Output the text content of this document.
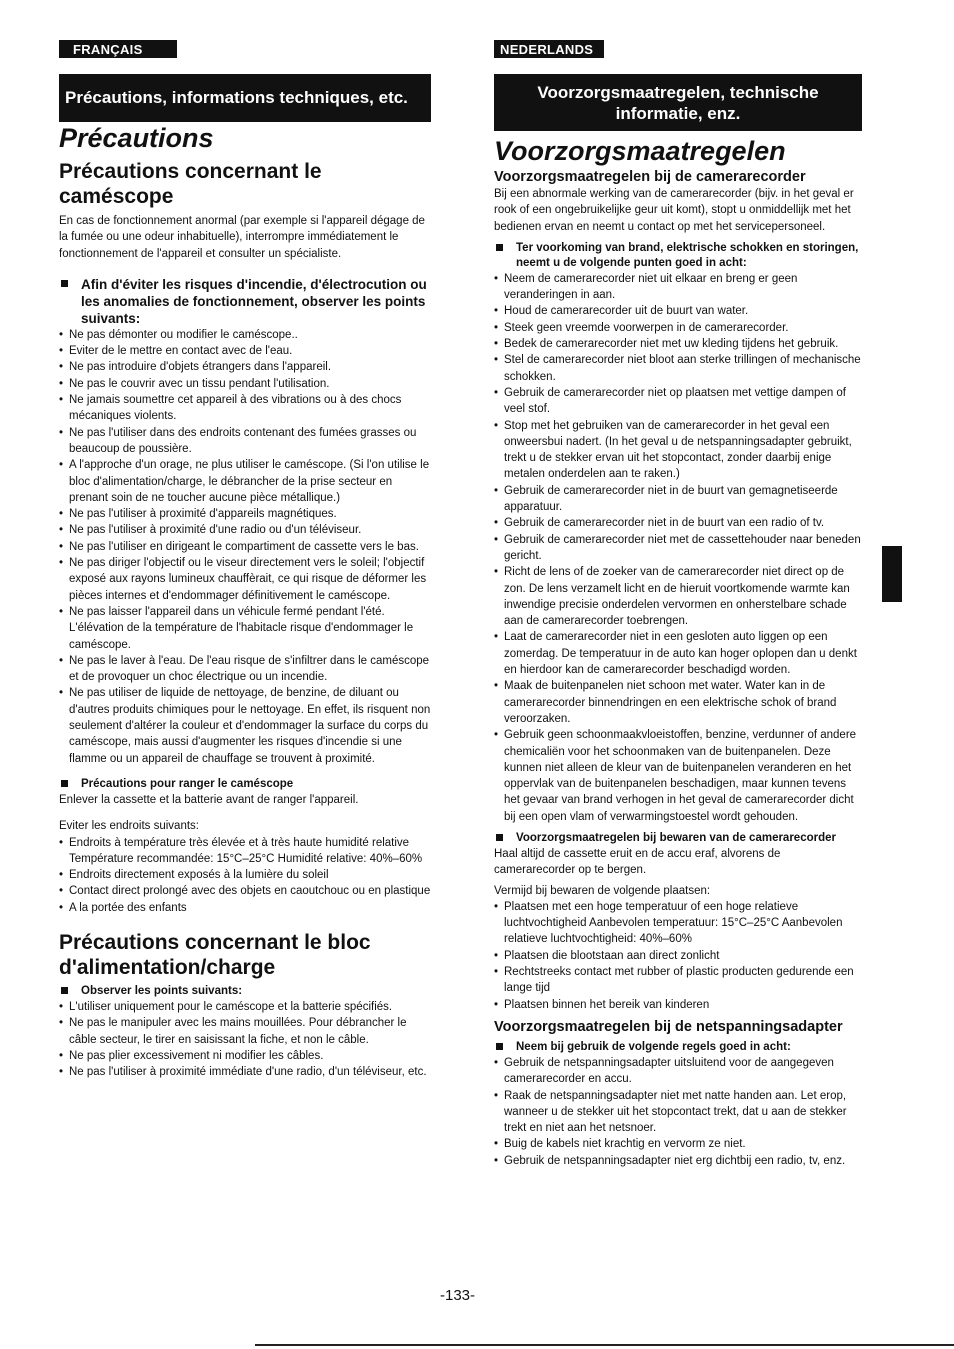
FRANÇAIS
Précautions, informations techniques, etc.
Précautions
Précautions concernant le caméscope
En cas de fonctionnement anormal (par exemple si l'appareil dégage de la fumée ou une odeur inhabituelle), interrompre immédiatement le fonctionnement de l'appareil et consulter un spécialiste.
Afin d'éviter les risques d'incendie, d'électrocution ou les anomalies de fonctionnement, observer les points suivants:
• Ne pas démonter ou modifier le caméscope..
• Eviter de le mettre en contact avec de l'eau.
• Ne pas introduire d'objets étrangers dans l'appareil.
• Ne pas le couvrir avec un tissu pendant l'utilisation.
• Ne jamais soumettre cet appareil à des vibrations ou à des chocs mécaniques violents.
• Ne pas l'utiliser dans des endroits contenant des fumées grasses ou beaucoup de poussière.
• A l'approche d'un orage, ne plus utiliser le caméscope. (Si l'on utilise le bloc d'alimentation/charge, le débrancher de la prise secteur en prenant soin de ne toucher aucune pièce métallique.)
• Ne pas l'utiliser à proximité d'appareils magnétiques.
• Ne pas l'utiliser à proximité d'une radio ou d'un téléviseur.
• Ne pas l'utiliser en dirigeant le compartiment de cassette vers le bas.
• Ne pas diriger l'objectif ou le viseur directement vers le soleil; l'objectif exposé aux rayons lumineux chauffèrait, ce qui risque de déformer les pièces internes et d'endommager définitivement le caméscope.
• Ne pas laisser l'appareil dans un véhicule fermé pendant l'été. L'élévation de la température de l'habitacle risque d'endommager le caméscope.
• Ne pas le laver à l'eau. De l'eau risque de s'infiltrer dans le caméscope et de provoquer un choc électrique ou un incendie.
• Ne pas utiliser de liquide de nettoyage, de benzine, de diluant ou d'autres produits chimiques pour le nettoyage. En effet, ils risquent non seulement d'altérer la couleur et d'endommager la surface du corps du caméscope, mais aussi d'augmenter les risques d'incendie si une flamme ou un appareil de chauffage se trouvent à proximité.
Précautions pour ranger le caméscope
Enlever la cassette et la batterie avant de ranger l'appareil.
Eviter les endroits suivants:
• Endroits à température très élevée et à très haute humidité relative Température recommandée: 15°C–25°C Humidité relative: 40%–60%
• Endroits directement exposés à la lumière du soleil
• Contact direct prolongé avec des objets en caoutchouc ou en plastique
• A la portée des enfants
Précautions concernant le bloc d'alimentation/charge
Observer les points suivants:
• L'utiliser uniquement pour le caméscope et la batterie spécifiés.
• Ne pas le manipuler avec les mains mouillées. Pour débrancher le câble secteur, le tirer en saisissant la fiche, et non le câble.
• Ne pas plier excessivement ni modifier les câbles.
• Ne pas l'utiliser à proximité immédiate d'une radio, d'un téléviseur, etc.
NEDERLANDS
Voorzorgsmaatregelen, technische informatie, enz.
Voorzorgsmaatregelen
Voorzorgsmaatregelen bij de camerarecorder
Bij een abnormale werking van de camerarecorder (bijv. in het geval er rook of een ongebruikelijke geur uit komt), stopt u onmiddellijk met het bedienen ervan en neemt u contact op met het servicepersoneel.
Ter voorkoming van brand, elektrische schokken en storingen, neemt u de volgende punten goed in acht:
• Neem de camerarecorder niet uit elkaar en breng er geen veranderingen in aan.
• Houd de camerarecorder uit de buurt van water.
• Steek geen vreemde voorwerpen in de camerarecorder.
• Bedek de camerarecorder niet met uw kleding tijdens het gebruik.
• Stel de camerarecorder niet bloot aan sterke trillingen of mechanische schokken.
• Gebruik de camerarecorder niet op plaatsen met vettige dampen of veel stof.
• Stop met het gebruiken van de camerarecorder in het geval een onweersbui nadert. (In het geval u de netspanningsadapter gebruikt, trekt u de stekker ervan uit het stopcontact, zonder daarbij enige metalen onderdelen aan te raken.)
• Gebruik de camerarecorder niet in de buurt van gemagnetiseerde apparatuur.
• Gebruik de camerarecorder niet in de buurt van een radio of tv.
• Gebruik de camerarecorder niet met de cassettehouder naar beneden gericht.
• Richt de lens of de zoeker van de camerarecorder niet direct op de zon. De lens verzamelt licht en de hieruit voortkomende warmte kan inwendige precisie onderdelen vervormen en onherstelbare schade aan de camerarecorder toebrengen.
• Laat de camerarecorder niet in een gesloten auto liggen op een zomerdag. De temperatuur in de auto kan hoger oplopen dan u denkt en hierdoor kan de camerarecorder beschadigd worden.
• Maak de buitenpanelen niet schoon met water. Water kan in de camerarecorder binnendringen en een elektrische schok of brand veroorzaken.
• Gebruik geen schoonmaakvloeistoffen, benzine, verdunner of andere chemicaliën voor het schoonmaken van de buitenpanelen. Deze kunnen niet alleen de kleur van de buitenpanelen veranderen en het oppervlak van de buitenpanelen beschadigen, maar kunnen tevens het gevaar van brand verhogen in het geval de camerarecorder dicht bij een open vlam of verwarmingstoestel wordt gehouden.
Voorzorgsmaatregelen bij bewaren van de camerarecorder
Haal altijd de cassette eruit en de accu eraf, alvorens de camerarecorder op te bergen.
Vermijd bij bewaren de volgende plaatsen:
• Plaatsen met een hoge temperatuur of een hoge relatieve luchtvochtigheid Aanbevolen temperatuur: 15°C–25°C Aanbevolen relatieve luchtvochtigheid: 40%–60%
• Plaatsen die blootstaan aan direct zonlicht
• Rechtstreeks contact met rubber of plastic producten gedurende een lange tijd
• Plaatsen binnen het bereik van kinderen
Voorzorgsmaatregelen bij de netspanningsadapter
Neem bij gebruik de volgende regels goed in acht:
• Gebruik de netspanningsadapter uitsluitend voor de aangegeven camerarecorder en accu.
• Raak de netspanningsadapter niet met natte handen aan. Let erop, wanneer u de stekker uit het stopcontact trekt, dat u aan de stekker trekt en niet aan het netsnoer.
• Buig de kabels niet krachtig en vervorm ze niet.
• Gebruik de netspanningsadapter niet erg dichtbij een radio, tv, enz.
-133-
